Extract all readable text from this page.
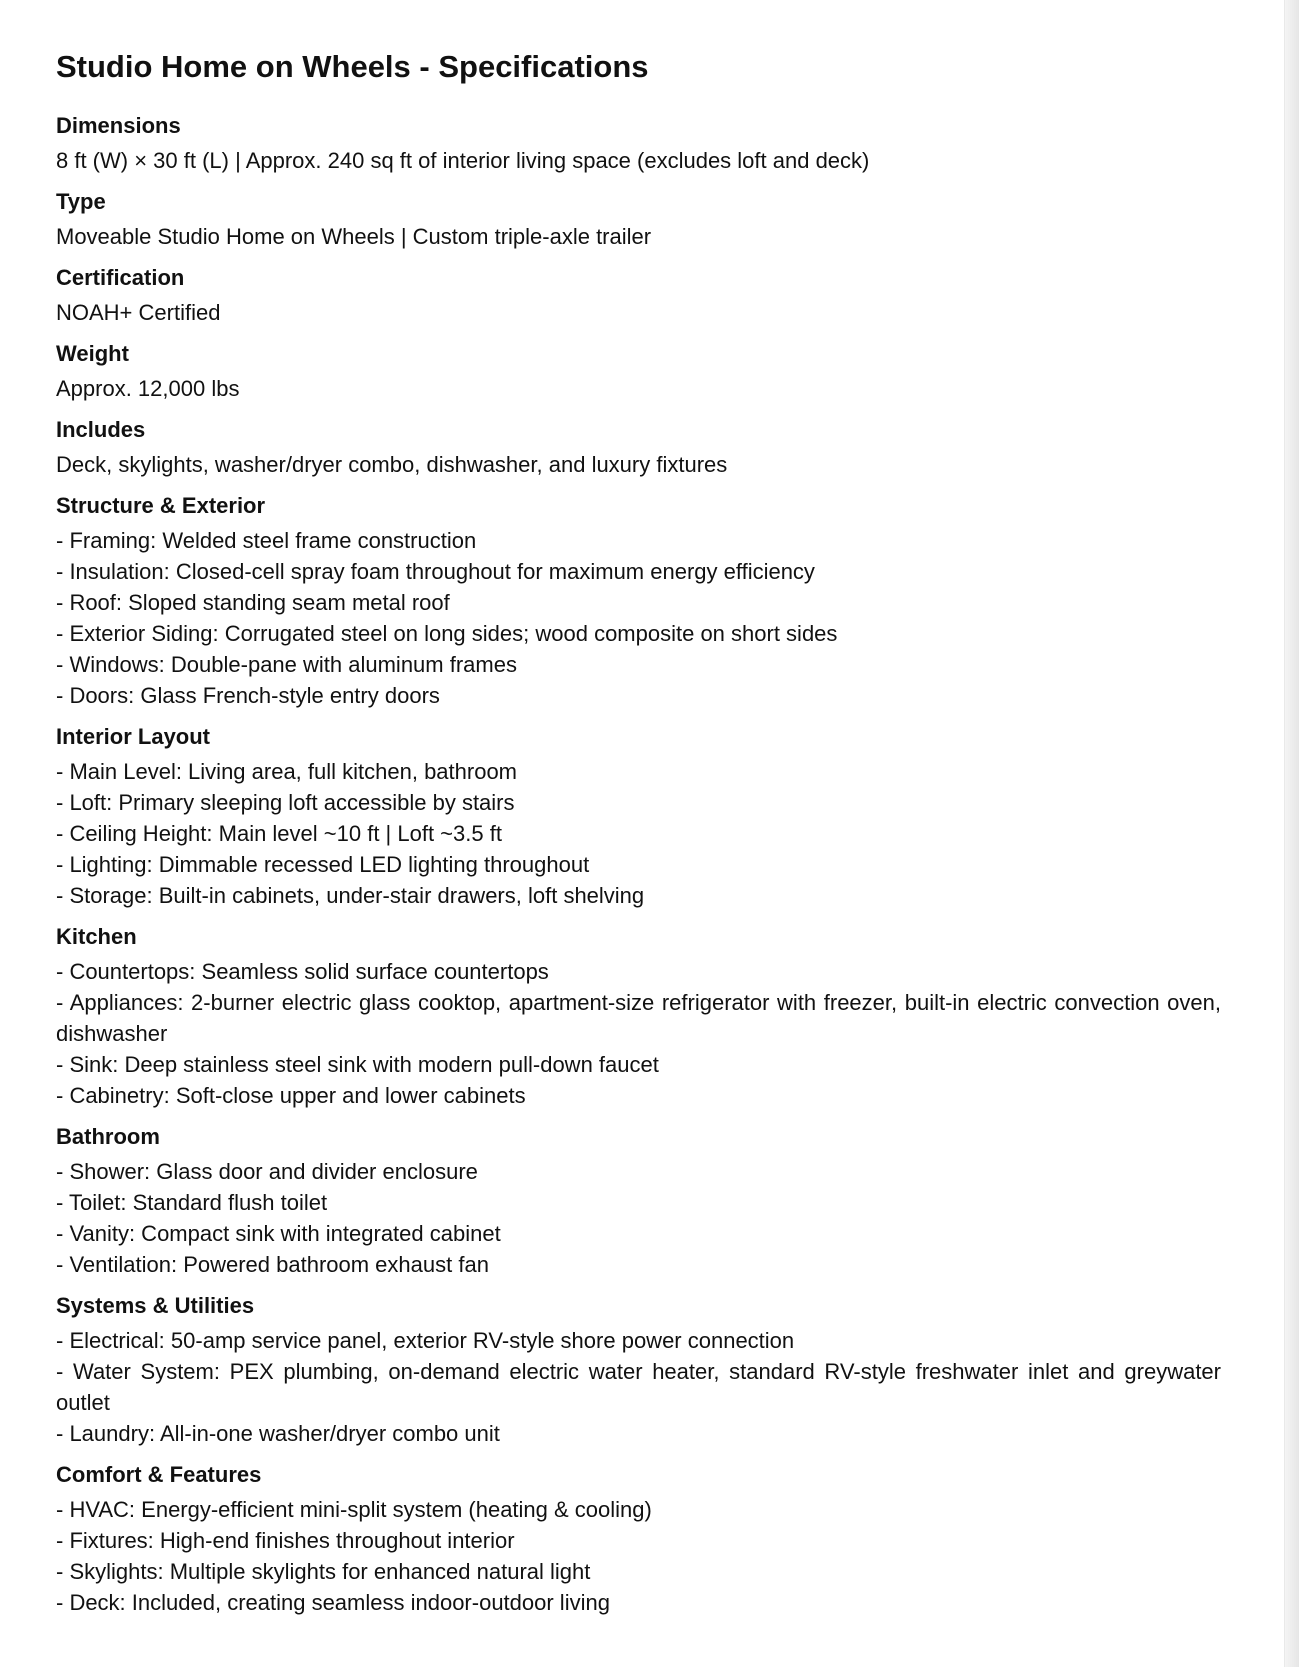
Studio Home on Wheels - Specifications
Dimensions

8 ft (W) × 30 ft (L) | Approx. 240 sq ft of interior living space (excludes loft and deck)

Type

Moveable Studio Home on Wheels | Custom triple-axle trailer

Certification

NOAH+ Certified

Weight

Approx. 12,000 lbs

Includes

Deck, skylights, washer/dryer combo, dishwasher, and luxury fixtures

Structure & Exterior

- Framing: Welded steel frame construction

- Insulation: Closed-cell spray foam throughout for maximum energy efficiency

- Roof: Sloped standing seam metal roof

- Exterior Siding: Corrugated steel on long sides; wood composite on short sides

- Windows: Double-pane with aluminum frames

- Doors: Glass French-style entry doors

Interior Layout

- Main Level: Living area, full kitchen, bathroom

- Loft: Primary sleeping loft accessible by stairs

- Ceiling Height: Main level ~10 ft | Loft ~3.5 ft

- Lighting: Dimmable recessed LED lighting throughout

- Storage: Built-in cabinets, under-stair drawers, loft shelving

Kitchen

- Countertops: Seamless solid surface countertops

- Appliances: 2-burner electric glass cooktop, apartment-size refrigerator with freezer, built-in electric convection oven, dishwasher

- Sink: Deep stainless steel sink with modern pull-down faucet

- Cabinetry: Soft-close upper and lower cabinets

Bathroom

- Shower: Glass door and divider enclosure

- Toilet: Standard flush toilet

- Vanity: Compact sink with integrated cabinet

- Ventilation: Powered bathroom exhaust fan

Systems & Utilities

- Electrical: 50-amp service panel, exterior RV-style shore power connection

- Water System: PEX plumbing, on-demand electric water heater, standard RV-style freshwater inlet and greywater outlet

- Laundry: All-in-one washer/dryer combo unit

Comfort & Features

- HVAC: Energy-efficient mini-split system (heating & cooling)

- Fixtures: High-end finishes throughout interior

- Skylights: Multiple skylights for enhanced natural light

- Deck: Included, creating seamless indoor-outdoor living
